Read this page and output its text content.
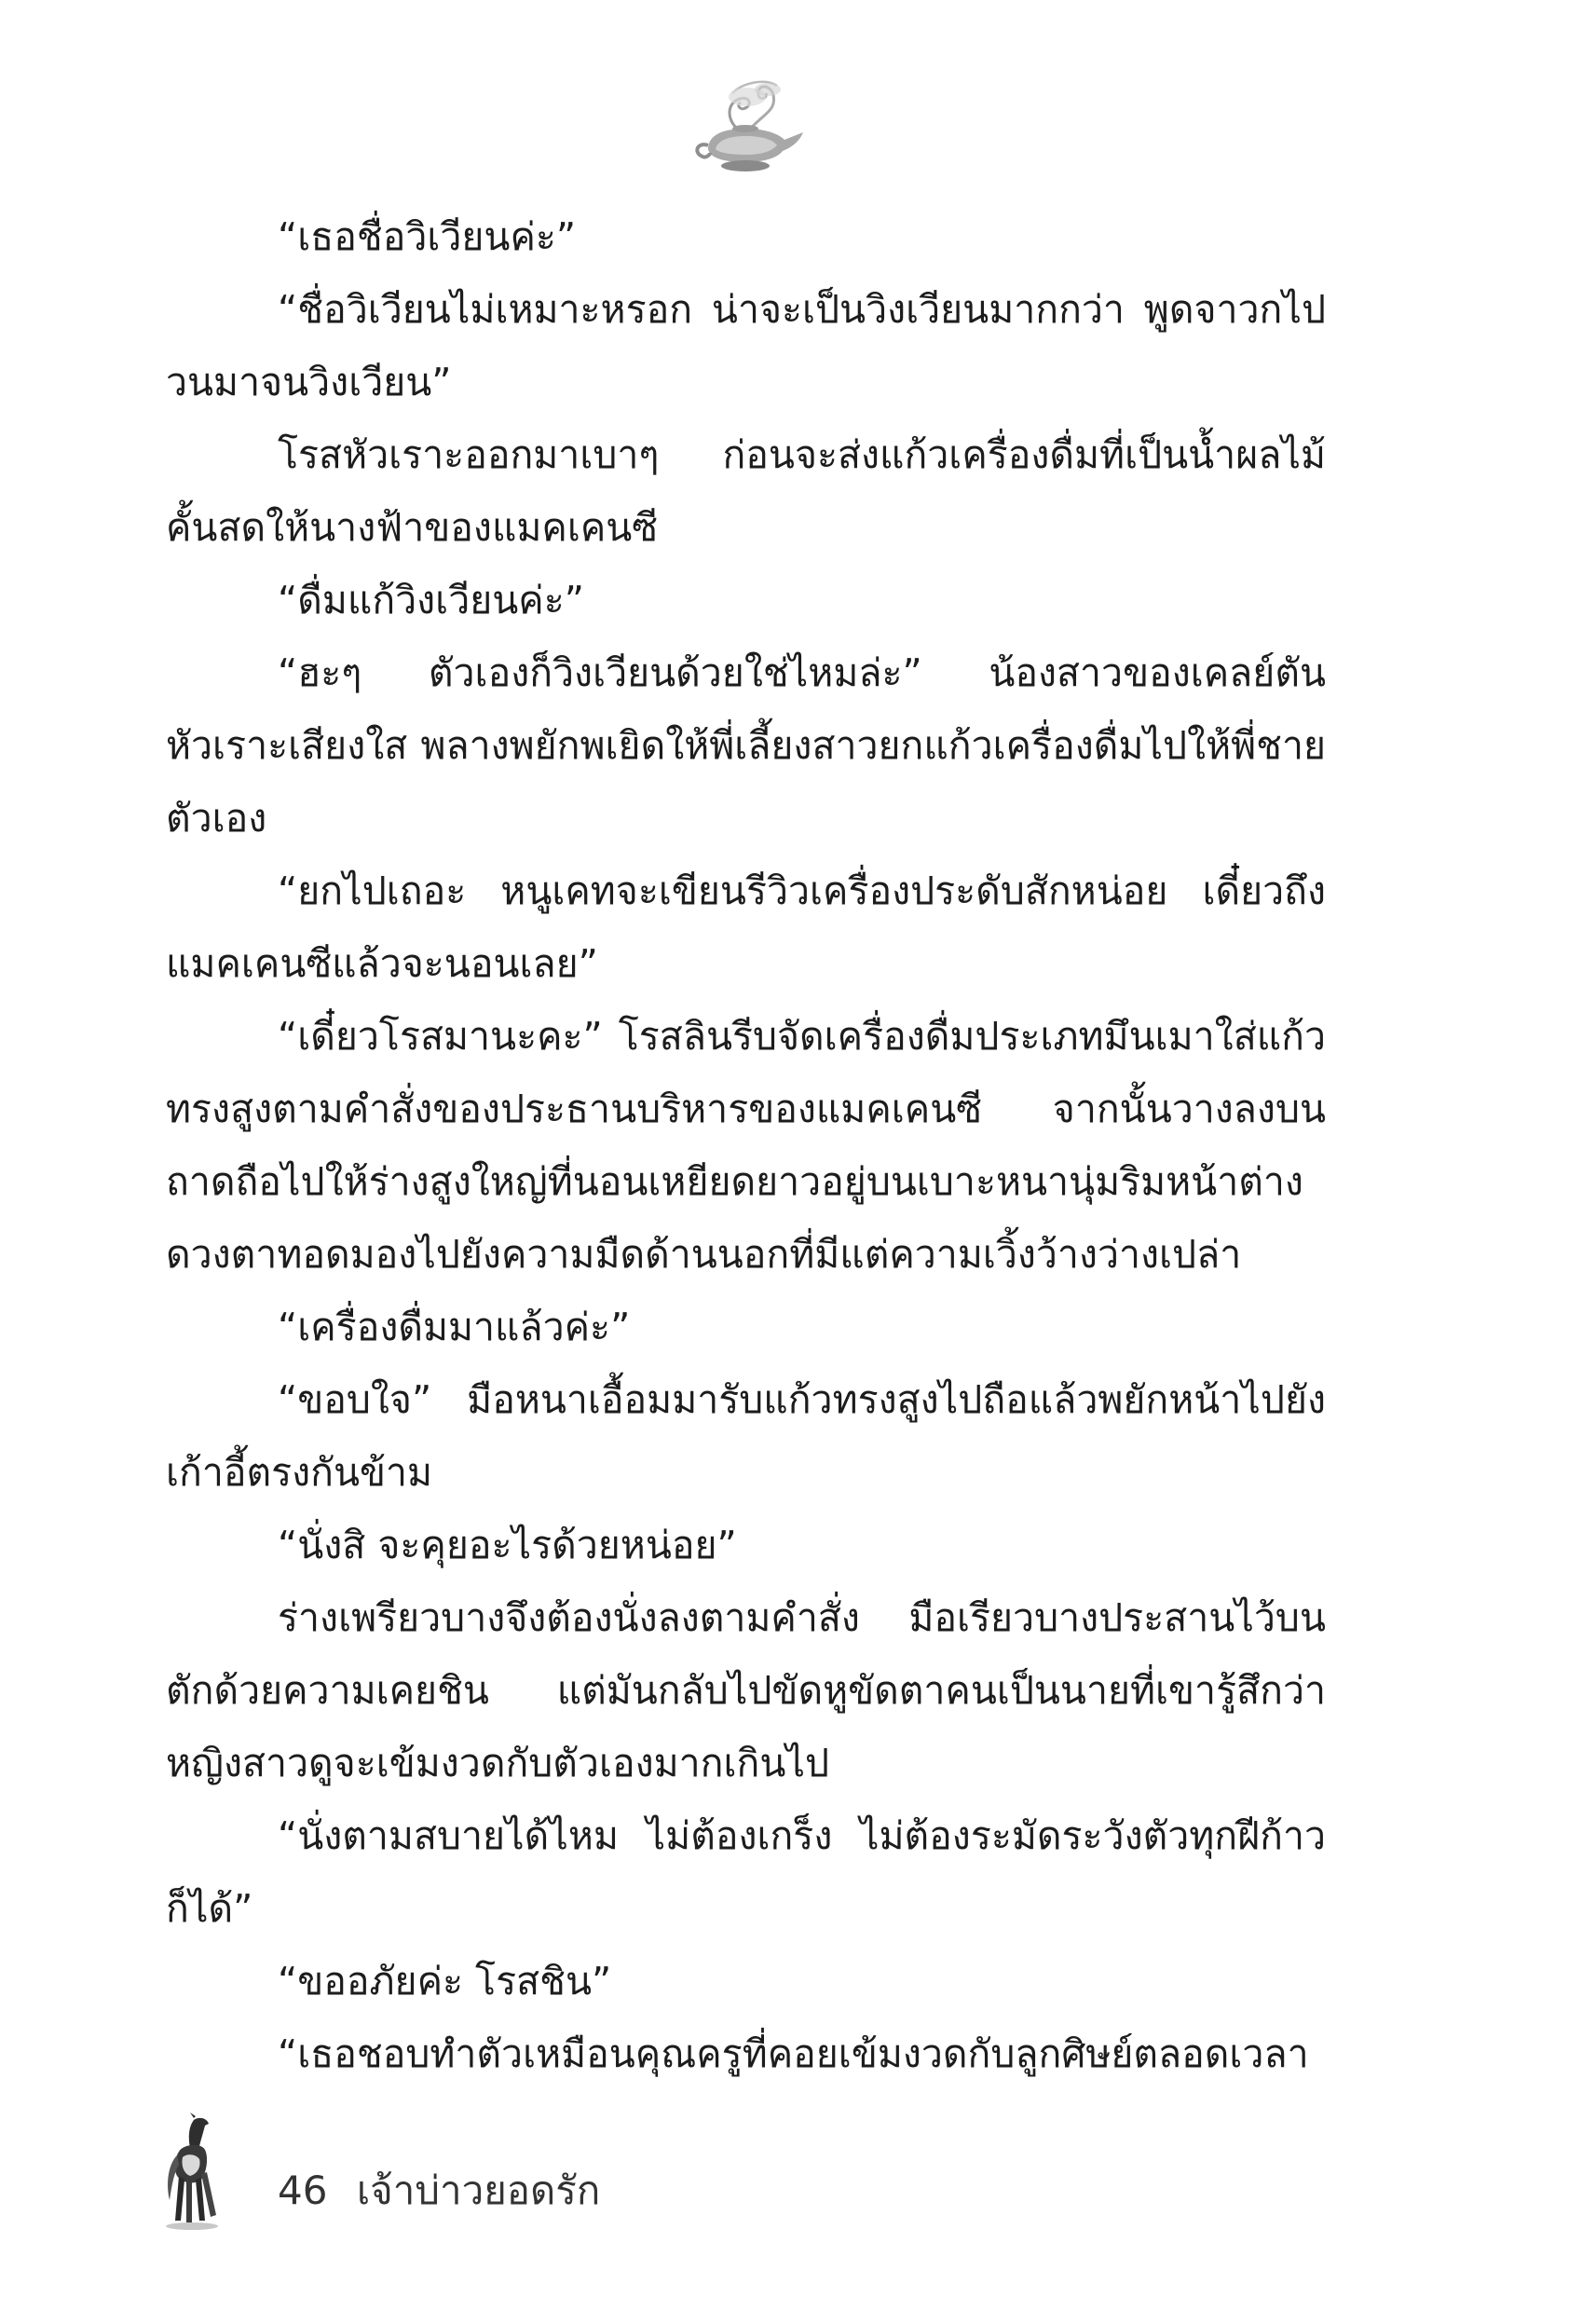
“เธอชื่อวิเวียนค่ะ”

“ชื่อวิเวียนไม่เหมาะหรอก น่าจะเป็นวิงเวียนมากกว่า พูดจาวกไปวนมาจนวิงเวียน”

โรสหัวเราะออกมาเบาๆ ก่อนจะส่งแก้วเครื่องดื่มที่เป็นน้ำผลไม้คั้นสดให้นางฟ้าของแมคเคนซี

“ดื่มแก้วิงเวียนค่ะ”

“ฮะๆ ตัวเองก็วิงเวียนด้วยใช่ไหมล่ะ” น้องสาวของเคลย์ตันหัวเราะเสียงใส พลางพยักพเยิดให้พี่เลี้ยงสาวยกแก้วเครื่องดื่มไปให้พี่ชายตัวเอง

“ยกไปเถอะ หนูเคทจะเขียนรีวิวเครื่องประดับสักหน่อย เดี๋ยวถึงแมคเคนซีแล้วจะนอนเลย”

“เดี๋ยวโรสมานะคะ” โรสลินรีบจัดเครื่องดื่มประเภทมึนเมาใส่แก้วทรงสูงตามคำสั่งของประธานบริหารของแมคเคนซี จากนั้นวางลงบนถาดถือไปให้ร่างสูงใหญ่ที่นอนเหยียดยาวอยู่บนเบาะหนานุ่มริมหน้าต่างดวงตาทอดมองไปยังความมืดด้านนอกที่มีแต่ความเวิ้งว้างว่างเปล่า

“เครื่องดื่มมาแล้วค่ะ”

“ขอบใจ” มือหนาเอื้อมมารับแก้วทรงสูงไปถือแล้วพยักหน้าไปยังเก้าอี้ตรงกันข้าม

“นั่งสิ จะคุยอะไรด้วยหน่อย”

ร่างเพรียวบางจึงต้องนั่งลงตามคำสั่ง มือเรียวบางประสานไว้บนตักด้วยความเคยชิน แต่มันกลับไปขัดหูขัดตาคนเป็นนายที่เขารู้สึกว่าหญิงสาวดูจะเข้มงวดกับตัวเองมากเกินไป

“นั่งตามสบายได้ไหม ไม่ต้องเกร็ง ไม่ต้องระมัดระวังตัวทุกฝีก้าวก็ได้”

“ขออภัยค่ะ โรสชิน”

“เธอชอบทำตัวเหมือนคุณครูที่คอยเข้มงวดกับลูกศิษย์ตลอดเวลา

46 เจ้าบ่าวยอดรัก
